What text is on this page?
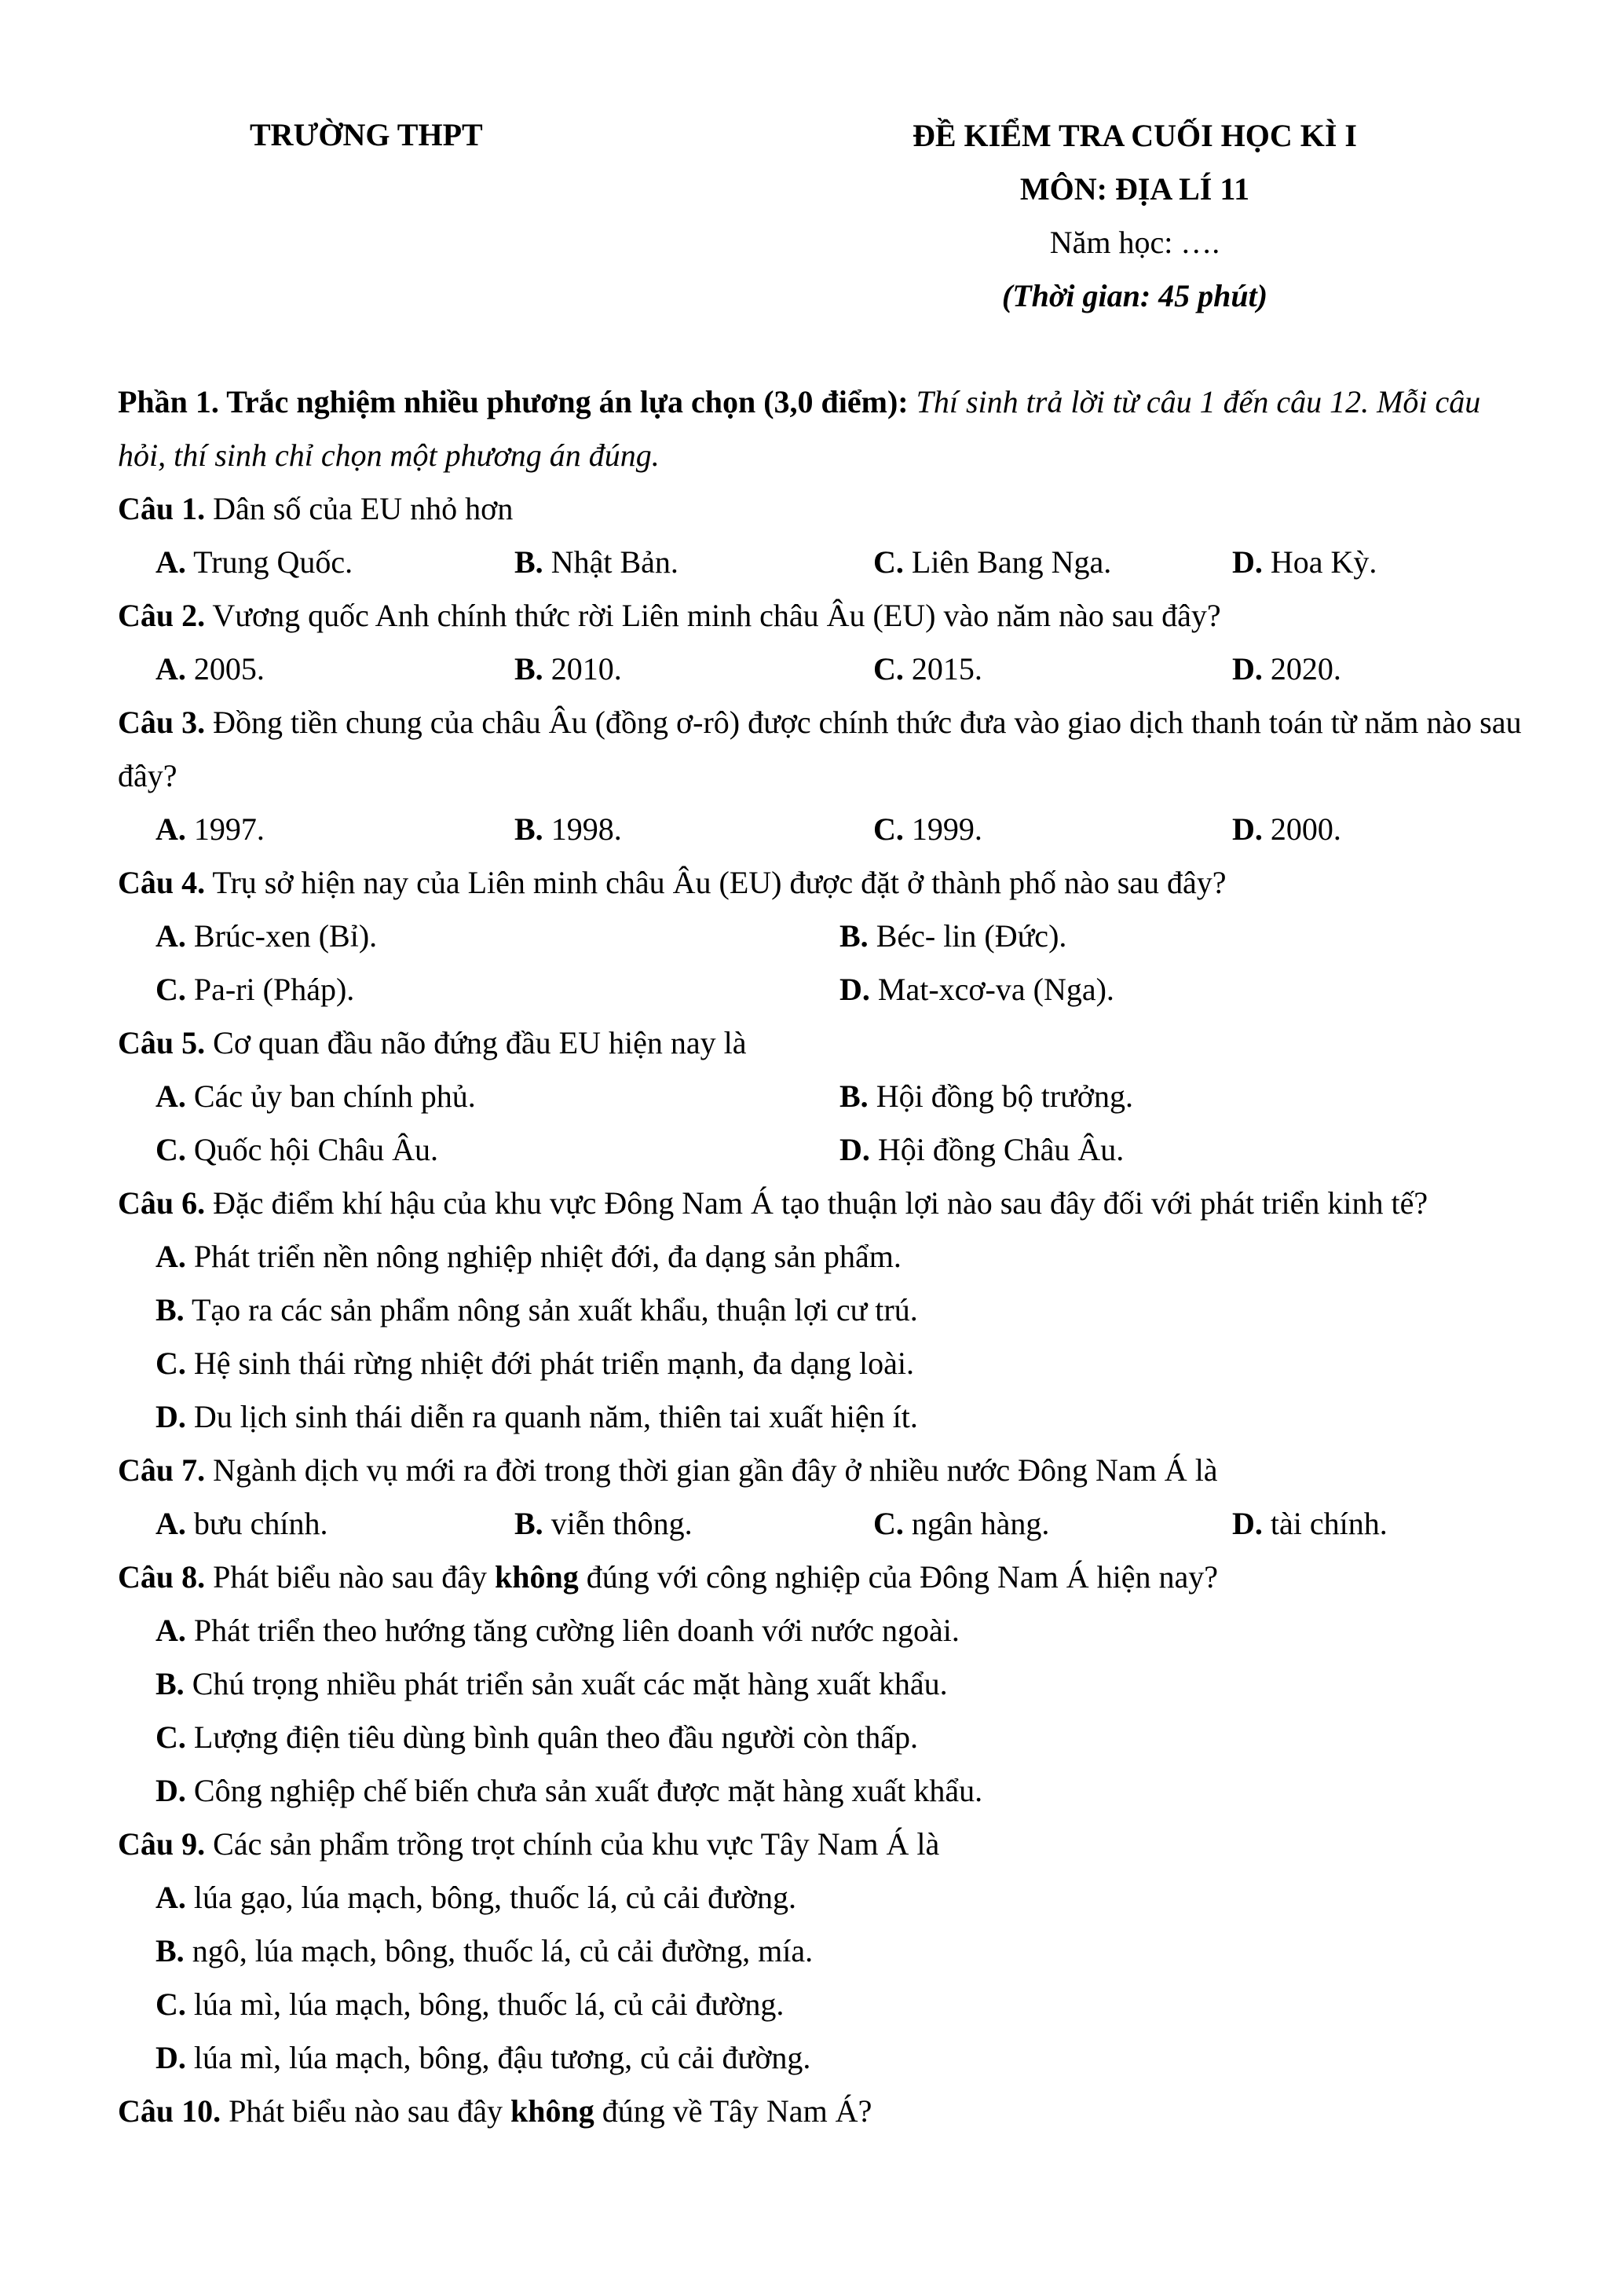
TRƯỜNG THPT	ĐỀ KIỂM TRA CUỐI HỌC KÌ I
MÔN: ĐỊA LÍ 11
Năm học: ….
(Thời gian: 45 phút)
Phần 1. Trắc nghiệm nhiều phương án lựa chọn (3,0 điểm): Thí sinh trả lời từ câu 1 đến câu 12. Mỗi câu hỏi, thí sinh chỉ chọn một phương án đúng.
Câu 1. Dân số của EU nhỏ hơn
A. Trung Quốc.	B. Nhật Bản.	C. Liên Bang Nga.	D. Hoa Kỳ.
Câu 2. Vương quốc Anh chính thức rời Liên minh châu Âu (EU) vào năm nào sau đây?
A. 2005.	B. 2010.	C. 2015.	D. 2020.
Câu 3. Đồng tiền chung của châu Âu (đồng ơ-rô) được chính thức đưa vào giao dịch thanh toán từ năm nào sau đây?
A. 1997.	B. 1998.	C. 1999.	D. 2000.
Câu 4. Trụ sở hiện nay của Liên minh châu Âu (EU) được đặt ở thành phố nào sau đây?
A. Brúc-xen (Bỉ).	B. Béc- lin (Đức).
C. Pa-ri (Pháp).	D. Mat-xcơ-va (Nga).
Câu 5. Cơ quan đầu não đứng đầu EU hiện nay là
A. Các ủy ban chính phủ.	B. Hội đồng bộ trưởng.
C. Quốc hội Châu Âu.	D. Hội đồng Châu Âu.
Câu 6. Đặc điểm khí hậu của khu vực Đông Nam Á tạo thuận lợi nào sau đây đối với phát triển kinh tế?
A. Phát triển nền nông nghiệp nhiệt đới, đa dạng sản phẩm.
B. Tạo ra các sản phẩm nông sản xuất khẩu, thuận lợi cư trú.
C. Hệ sinh thái rừng nhiệt đới phát triển mạnh, đa dạng loài.
D. Du lịch sinh thái diễn ra quanh năm, thiên tai xuất hiện ít.
Câu 7. Ngành dịch vụ mới ra đời trong thời gian gần đây ở nhiều nước Đông Nam Á là
A. bưu chính.	B. viễn thông.	C. ngân hàng.	D. tài chính.
Câu 8. Phát biểu nào sau đây không đúng với công nghiệp của Đông Nam Á hiện nay?
A. Phát triển theo hướng tăng cường liên doanh với nước ngoài.
B. Chú trọng nhiều phát triển sản xuất các mặt hàng xuất khẩu.
C. Lượng điện tiêu dùng bình quân theo đầu người còn thấp.
D. Công nghiệp chế biến chưa sản xuất được mặt hàng xuất khẩu.
Câu 9. Các sản phẩm trồng trọt chính của khu vực Tây Nam Á là
A. lúa gạo, lúa mạch, bông, thuốc lá, củ cải đường.
B. ngô, lúa mạch, bông, thuốc lá, củ cải đường, mía.
C. lúa mì, lúa mạch, bông, thuốc lá, củ cải đường.
D. lúa mì, lúa mạch, bông, đậu tương, củ cải đường.
Câu 10. Phát biểu nào sau đây không đúng về Tây Nam Á?
